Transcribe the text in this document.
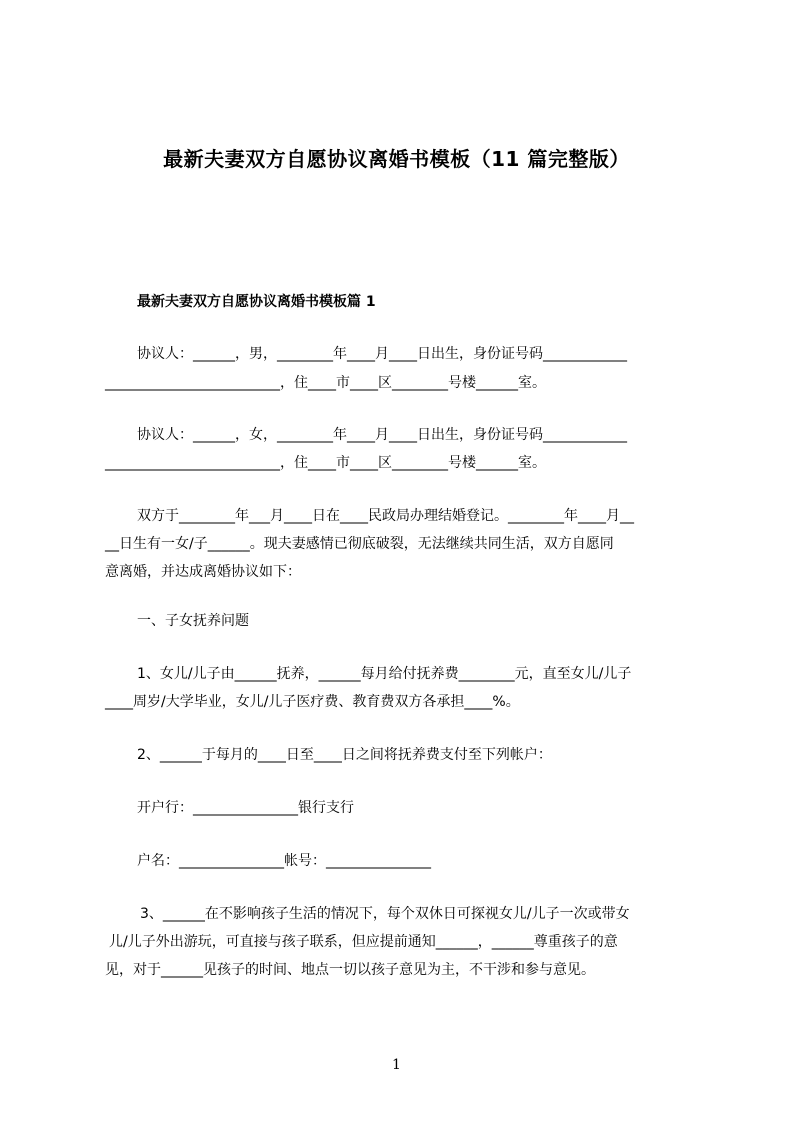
最新夫妻双方自愿协议离婚书模板（11 篇完整版）
最新夫妻双方自愿协议离婚书模板篇 1

协议人：______，男，________年____月____日出生，身份证号码____________

_________________________，住____市____区________号楼______室。

协议人：______，女，________年____月____日出生，身份证号码____________

_________________________，住____市____区________号楼______室。

双方于________年___月____日在____民政局办理结婚登记。________年____月__

__日生有一女/子______。现夫妻感情已彻底破裂，无法继续共同生活，双方自愿同

意离婚，并达成离婚协议如下：

一、子女抚养问题

1、女儿/儿子由______抚养，______每月给付抚养费________元，直至女儿/儿子

____周岁/大学毕业，女儿/儿子医疗费、教育费双方各承担____%。

2、______于每月的____日至____日之间将抚养费支付至下列帐户：

开户行：_______________银行支行

户名：_______________帐号：_______________

3、______在不影响孩子生活的情况下，每个双休日可探视女儿/儿子一次或带女

儿/儿子外出游玩，可直接与孩子联系，但应提前通知______，______尊重孩子的意

见，对于______见孩子的时间、地点一切以孩子意见为主，不干涉和参与意见。

1
